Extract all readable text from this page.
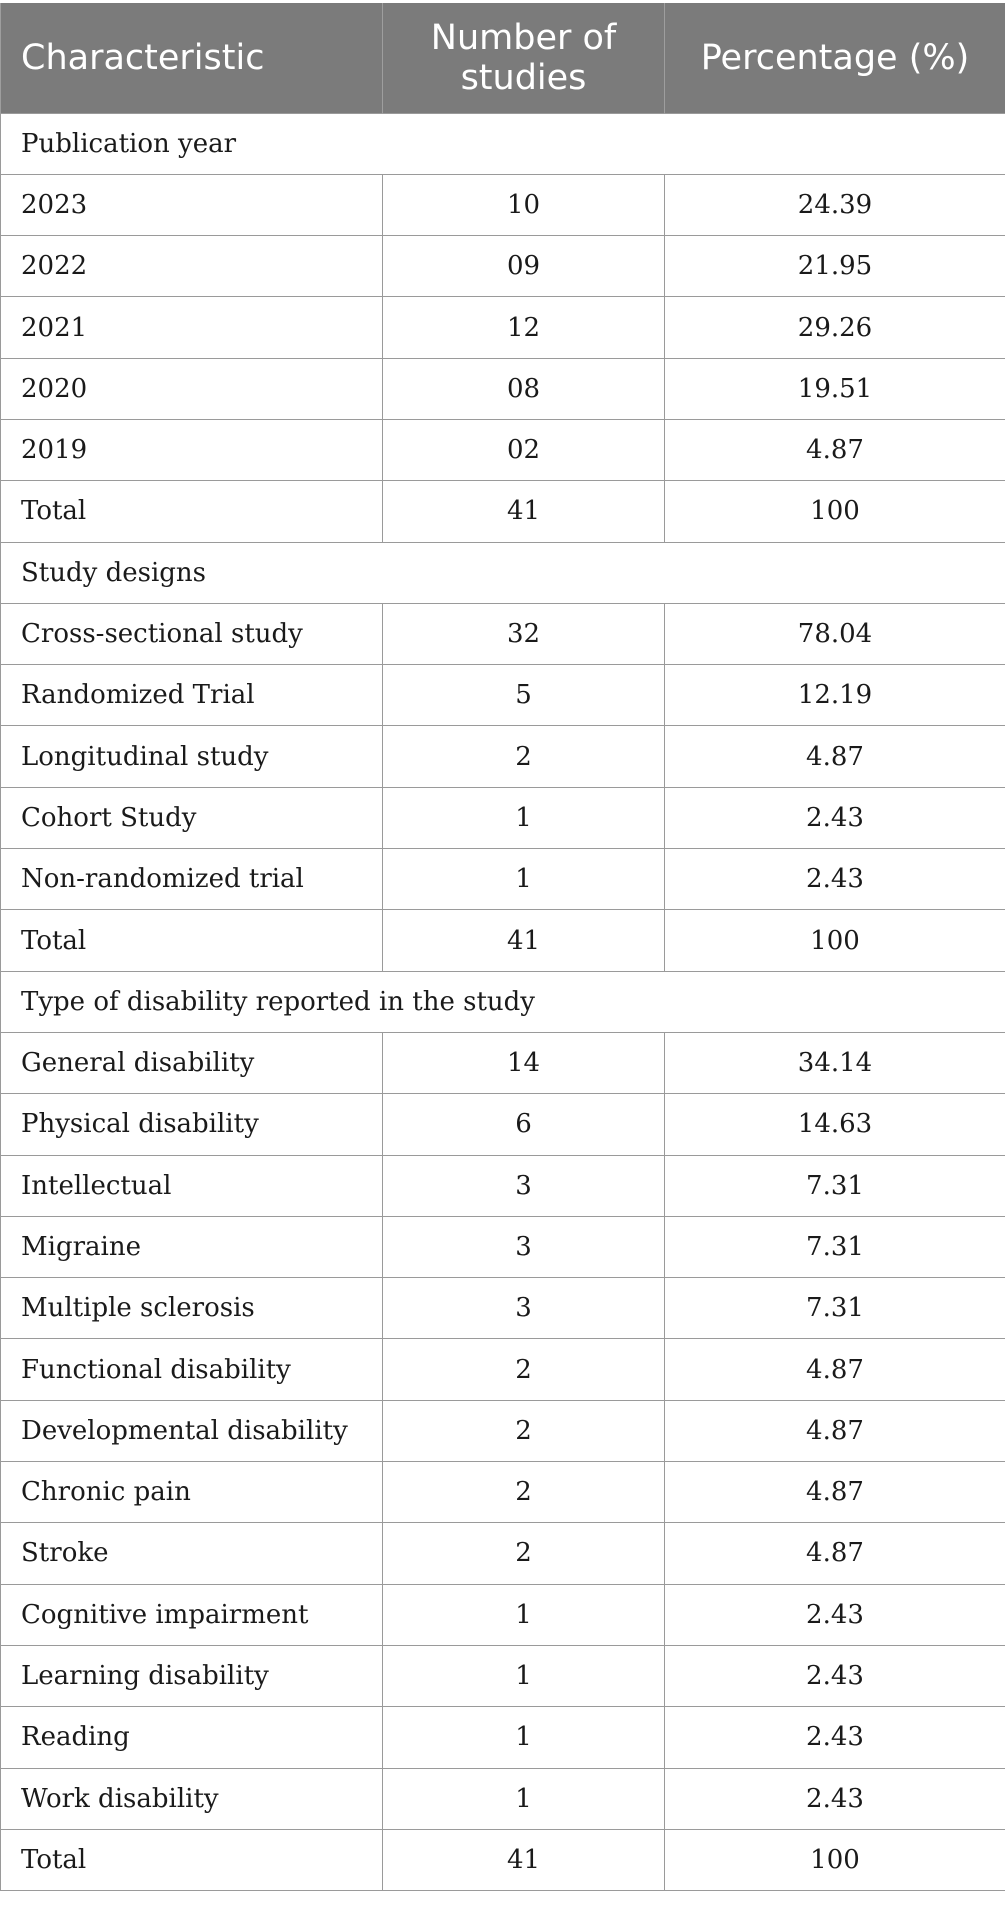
Characteristic	Number of studies	Percentage (%)
Publication year		
2023	10	24.39
2022	09	21.95
2021	12	29.26
2020	08	19.51
2019	02	4.87
Total	41	100
Study designs		
Cross-sectional study	32	78.04
Randomized Trial	5	12.19
Longitudinal study	2	4.87
Cohort Study	1	2.43
Non-randomized trial	1	2.43
Total	41	100
Type of disability reported in the study		
General disability	14	34.14
Physical disability	6	14.63
Intellectual	3	7.31
Migraine	3	7.31
Multiple sclerosis	3	7.31
Functional disability	2	4.87
Developmental disability	2	4.87
Chronic pain	2	4.87
Stroke	2	4.87
Cognitive impairment	1	2.43
Learning disability	1	2.43
Reading	1	2.43
Work disability	1	2.43
Total	41	100
